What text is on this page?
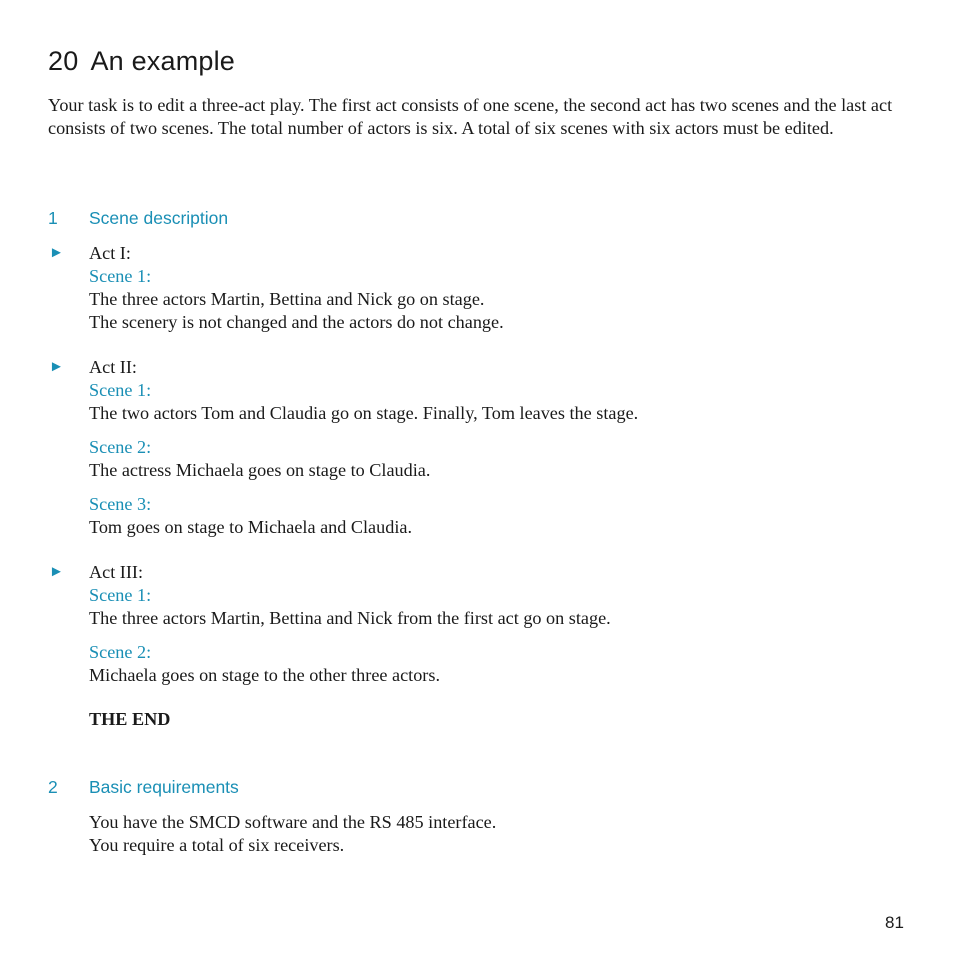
20 An example

Your task is to edit a three-act play. The first act consists of one scene, the second act has two scenes and the last act consists of two scenes. The total number of actors is six. A total of six scenes with six actors must be edited.

1 Scene description
► Act I:
Scene 1:
The three actors Martin, Bettina and Nick go on stage.
The scenery is not changed and the actors do not change.
► Act II:
Scene 1:
The two actors Tom and Claudia go on stage. Finally, Tom leaves the stage.
Scene 2:
The actress Michaela goes on stage to Claudia.
Scene 3:
Tom goes on stage to Michaela and Claudia.
► Act III:
Scene 1:
The three actors Martin, Bettina and Nick from the first act go on stage.
Scene 2:
Michaela goes on stage to the other three actors.
THE END
2 Basic requirements
You have the SMCD software and the RS 485 interface.
You require a total of six receivers.
81
